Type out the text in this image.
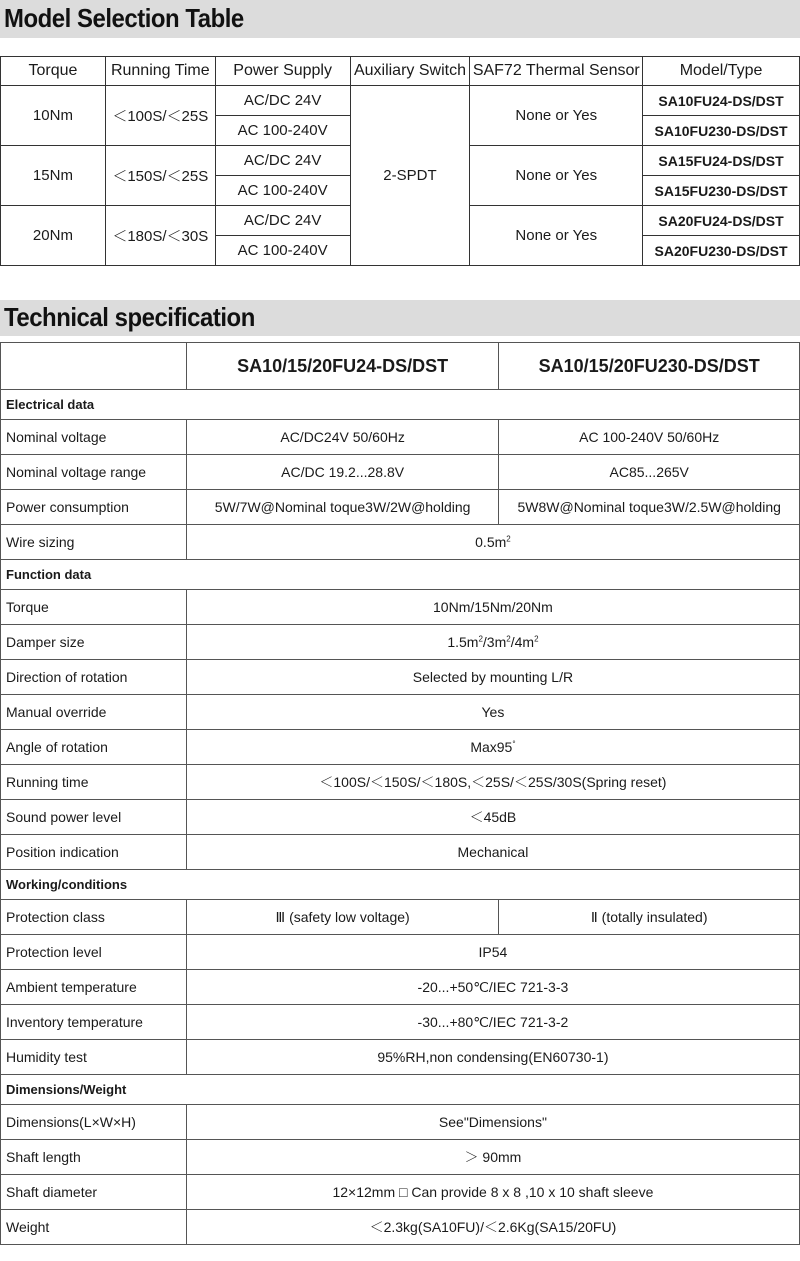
Model Selection Table
Torque	Running Time	Power Supply	Auxiliary Switch	SAF72 Thermal Sensor	Model/Type
10Nm	＜100S/＜25S	AC/DC 24V	2-SPDT	None or Yes	SA10FU24-DS/DST
		AC 100-240V			SA10FU230-DS/DST
15Nm	＜150S/＜25S	AC/DC 24V		None or Yes	SA15FU24-DS/DST
		AC 100-240V			SA15FU230-DS/DST
20Nm	＜180S/＜30S	AC/DC 24V		None or Yes	SA20FU24-DS/DST
		AC 100-240V			SA20FU230-DS/DST
Technical specification
	SA10/15/20FU24-DS/DST	SA10/15/20FU230-DS/DST
Electrical data		
Nominal voltage	AC/DC24V 50/60Hz	AC 100-240V 50/60Hz
Nominal voltage range	AC/DC 19.2...28.8V	AC85...265V
Power consumption	5W/7W@Nominal toque3W/2W@holding	5W8W@Nominal toque3W/2.5W@holding
Wire sizing	$0.5m^2$
Function data		
Torque	10Nm/15Nm/20Nm	
Damper size	$1.5m^2/3m^2/4m^2$
Direction of rotation	Selected by mounting L/R	
Manual override	Yes	
Angle of rotation	Max95°
Running time	＜100S/＜150S/＜180S,＜25S/＜25S/30S(Spring reset)	
Sound power level	＜45dB	
Position indication	Mechanical	
Working/conditions		
Protection class	Ⅲ (safety low voltage)	Ⅱ (totally insulated)
Protection level	IP54	
Ambient temperature	-20...+50℃/IEC 721-3-3	
Inventory temperature	-30...+80℃/IEC 721-3-2	
Humidity test	95%RH,non condensing(EN60730-1)	
Dimensions/Weight		
Dimensions(L×W×H)	See"Dimensions"	
Shaft length	＞ 90mm	
Shaft diameter	12×12mm □ Can provide 8 x 8 ,10 x 10 shaft sleeve	
Weight	＜2.3kg(SA10FU)/＜2.6Kg(SA15/20FU)	
